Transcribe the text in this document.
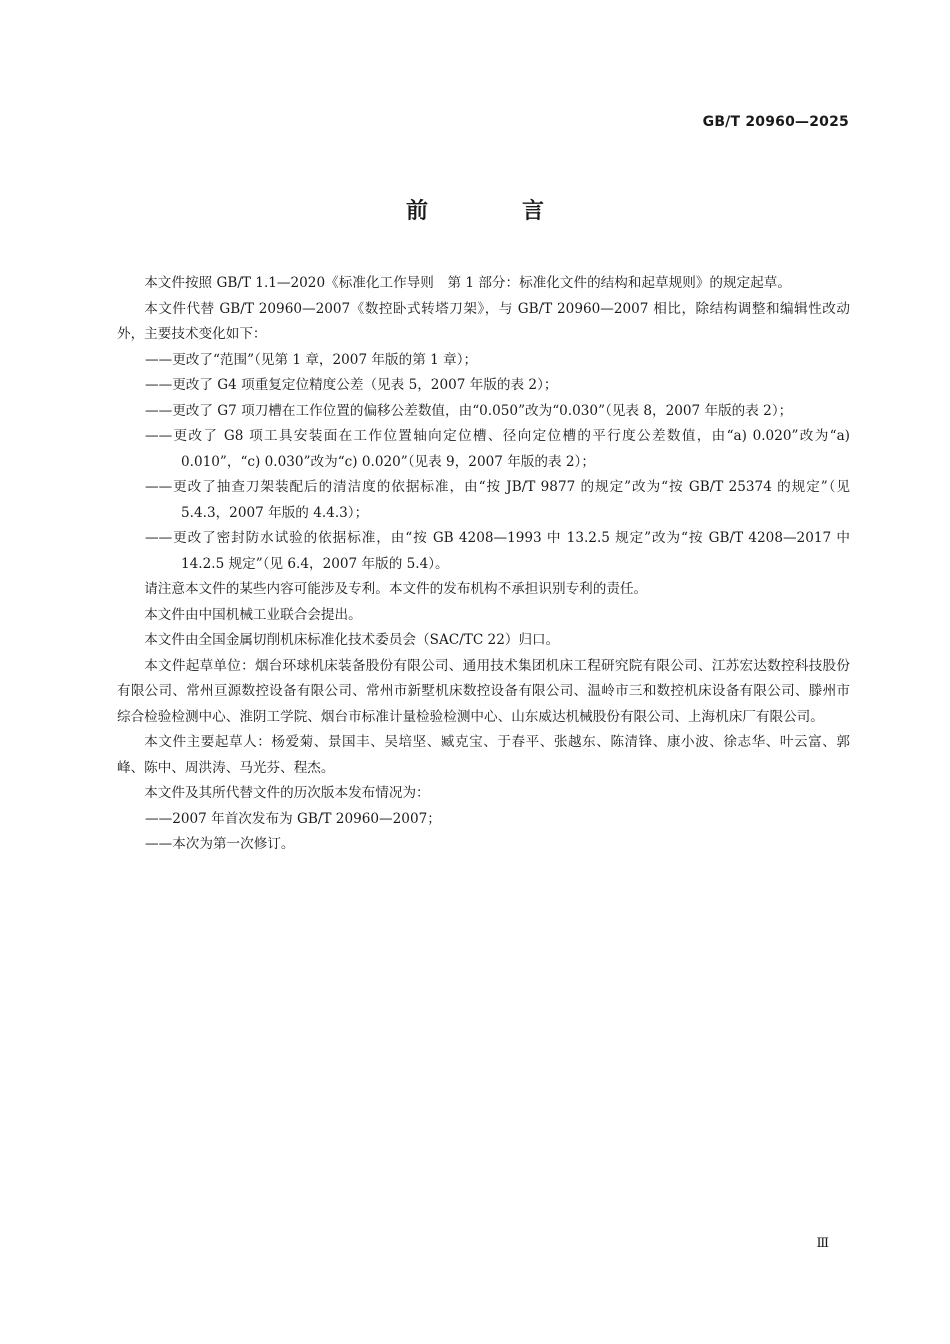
GB/T 20960—2025
前　言

本文件按照 GB/T 1.1—2020《标准化工作导则　第 1 部分：标准化文件的结构和起草规则》的规定起草。

本文件代替 GB/T 20960—2007《数控卧式转塔刀架》，与 GB/T 20960—2007 相比，除结构调整和编辑性改动外，主要技术变化如下：

——更改了“范围”（见第 1 章，2007 年版的第 1 章）；

——更改了 G4 项重复定位精度公差（见表 5，2007 年版的表 2）；

——更改了 G7 项刀槽在工作位置的偏移公差数值，由“0.050”改为“0.030”（见表 8，2007 年版的表 2）；

——更改了 G8 项工具安装面在工作位置轴向定位槽、径向定位槽的平行度公差数值，由“a) 0.020”改为“a) 0.010”，“c) 0.030”改为“c) 0.020”（见表 9，2007 年版的表 2）；

——更改了抽查刀架装配后的清洁度的依据标准，由“按 JB/T 9877 的规定”改为“按 GB/T 25374 的规定”（见 5.4.3，2007 年版的 4.4.3）；

——更改了密封防水试验的依据标准，由“按 GB 4208—1993 中 13.2.5 规定”改为“按 GB/T 4208—2017 中 14.2.5 规定”（见 6.4，2007 年版的 5.4）。

请注意本文件的某些内容可能涉及专利。本文件的发布机构不承担识别专利的责任。

本文件由中国机械工业联合会提出。

本文件由全国金属切削机床标准化技术委员会（SAC/TC 22）归口。

本文件起草单位：烟台环球机床装备股份有限公司、通用技术集团机床工程研究院有限公司、江苏宏达数控科技股份有限公司、常州亘源数控设备有限公司、常州市新墅机床数控设备有限公司、温岭市三和数控机床设备有限公司、滕州市综合检验检测中心、淮阴工学院、烟台市标准计量检验检测中心、山东威达机械股份有限公司、上海机床厂有限公司。

本文件主要起草人：杨爱菊、景国丰、吴培坚、臧克宝、于春平、张越东、陈清锋、康小波、徐志华、叶云富、郭峰、陈中、周洪涛、马光芬、程杰。

本文件及其所代替文件的历次版本发布情况为：

——2007 年首次发布为 GB/T 20960—2007；

——本次为第一次修订。

Ⅲ
